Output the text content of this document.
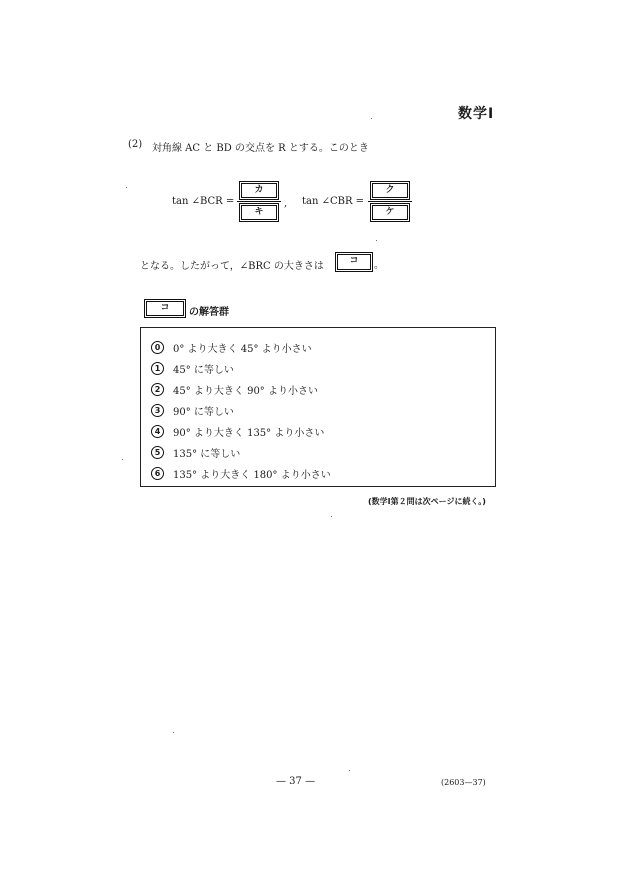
数学Ⅰ
(2) 対角線 AC と BD の交点を R とする。このとき
tan ∠BCR =
カ
キ
, tan ∠CBR =
ク
ケ
となる。したがって，∠BRC の大きさは	コ	。
コ	の解答群
0	0° より大きく 45° より小さい
1	45° に等しい
2	45° より大きく 90° より小さい
3	90° に等しい
4	90° より大きく 135° より小さい
5	135° に等しい
6	135° より大きく 180° より小さい
(数学Ⅰ第２問は次ページに続く。)
— 37 —	(2603—37)
